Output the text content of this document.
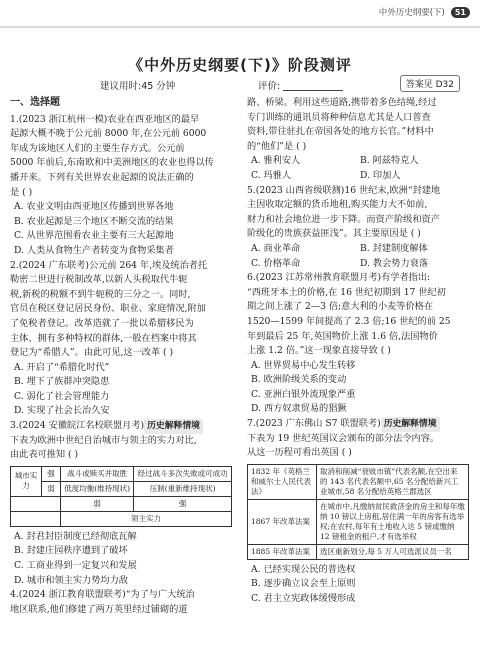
中外历史纲要(下)	51
《中外历史纲要(下)》阶段测评
建议用时:45 分钟	评价:	答案见 D32
一、选择题

1.(2023 浙江杭州一模)农业在西亚地区的最早

起源大概不晚于公元前 8000 年,在公元前 6000

年成为该地区人们的主要生存方式。公元前

5000 年前后,东南欧和中美洲地区的农业也得以传

播开来。下列有关世界农业起源的说法正确的

是 ( )

A. 农业文明由西亚地区传播到世界各地

B. 农业起源是三个地区不断交流的结果

C. 从世界范围看农业主要有三大起源地

D. 人类从食物生产者转变为食物采集者

2.(2024 广东联考)公元前 264 年,埃及统治者托

勒密二世进行税制改革,以新人头税取代牛轭

税,新税的税额不到牛轭税的三分之一。同时,

官员在税区登记居民身份、职业、家庭情况,附加

了免税者登记。改革造就了一批以希腊移民为

主体、拥有多种特权的群体,一般在档案中将其

登记为“希腊人”。由此可见,这一改革 ( )

A. 开启了“希腊化时代”

B. 埋下了族群冲突隐患

C. 弱化了社会管理能力

D. 实现了社会长治久安

3.(2024 安徽皖江名校联盟月考) 历史解释情境

下表为欧洲中世纪自治城市与领主的实力对比,

由此表可推知 ( )

城市实力	强	战斗或赎买并取胜	经过战斗多次失败或可成功
	弱	低度均衡(维持现状)	压制(重新维持现状)
		弱	强
		领主实力	

A. 封君封臣制度已经彻底瓦解

B. 封建庄园秩序遭到了破坏

C. 工商业得到一定复兴和发展

D. 城市和领主实力势均力敌

4.(2024 浙江教育联盟联考)“为了与广大统治

地区联系,他们修建了两万英里经过铺砌的道

路、桥梁。利用这些道路,携带着多色结绳,经过

专门训练的通讯员将种种信息尤其是人口普查

资料,带往驻扎在帝国各处的地方长官。”材料中

的“他们”是 ( )

A. 雅利安人	B. 阿兹特克人
C. 玛雅人	D. 印加人

5.(2023 山西省级联测)16 世纪末,欧洲“封建地

主因收取定额的货币地租,购买能力大不如前,

财力和社会地位进一步下降。而资产阶级和资产

阶级化的贵族获益匪浅”。其主要原因是 ( )

A. 商业革命	B. 封建制度解体
C. 价格革命	D. 教会势力衰落

6.(2023 江苏常州教育联盟月考)有学者指出:

“西班牙本土的价格,在 16 世纪初期到 17 世纪初

期之间上涨了 2—3 倍;意大利的小麦等价格在

1520—1599 年间提高了 2.3 倍;16 世纪的前 25

年到最后 25 年,英国物价上涨 1.6 倍,法国物价

上涨 1.2 倍。”这一现象直接导致 ( )

A. 世界贸易中心发生转移

B. 欧洲阶级关系的变动

C. 亚洲白银外流现象严重

D. 西方奴隶贸易的猖獗

7.(2023 广东佛山 S7 联盟联考) 历史解释情境

下表为 19 世纪英国议会颁布的部分法令内容。

从这一历程可看出英国 ( )

1832 年《英格兰和威尔士人民代表法》	取消和削减“衰败市镇”代表名额,在空出来的 143 名代表名额中,65 名分配给新兴工业城市,58 名分配给英格兰郡选区
1867 年改革法案	在城市中,凡缴纳贫民救济金的房主和每年缴纳 10 镑以上房租,居住满一年的房客有选举权;在农村,每年有土地收入达 5 镑或缴纳 12 镑租金的租户,才有选举权
1885 年改革法案	选区重新划分,每 5 万人可选派议员一名

A. 已经实现公民的普选权

B. 逐步确立议会至上原则

C. 君主立宪政体缓慢形成
